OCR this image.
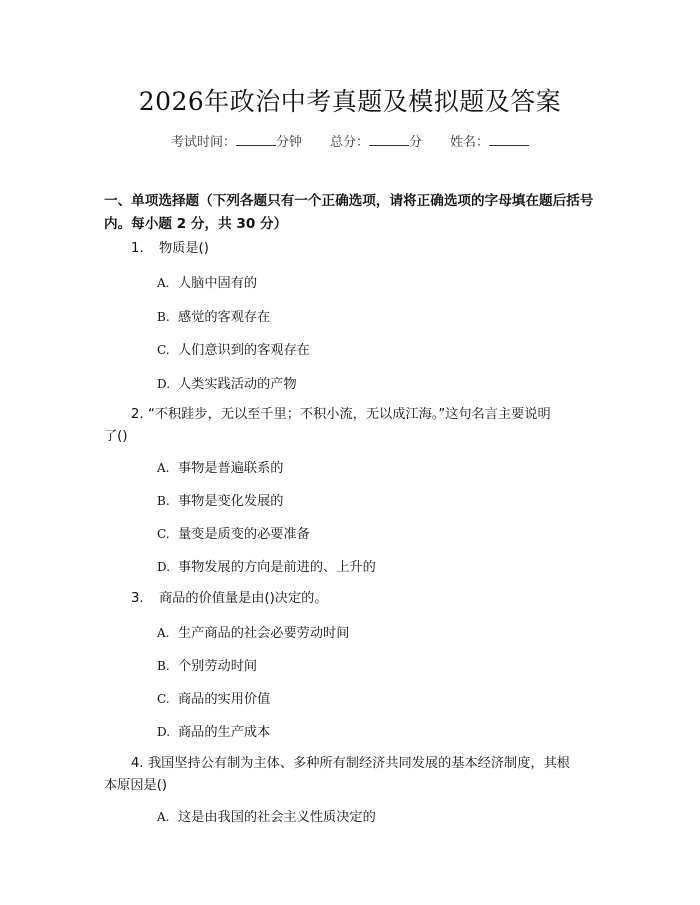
2026年政治中考真题及模拟题及答案
考试时间：	分钟 总分：	分 姓名：
一、单项选择题（下列各题只有一个正确选项，请将正确选项的字母填在题后括号内。每小题 2 分，共 30 分）
1. 物质是()
A. 人脑中固有的
B. 感觉的客观存在
C. 人们意识到的客观存在
D. 人类实践活动的产物
2. “不积跬步，无以至千里；不积小流，无以成江海。”这句名言主要说明
了()
A. 事物是普遍联系的
B. 事物是变化发展的
C. 量变是质变的必要准备
D. 事物发展的方向是前进的、上升的
3. 商品的价值量是由()决定的。
A. 生产商品的社会必要劳动时间
B. 个别劳动时间
C. 商品的实用价值
D. 商品的生产成本
4. 我国坚持公有制为主体、多种所有制经济共同发展的基本经济制度，其根
本原因是()
A. 这是由我国的社会主义性质决定的
